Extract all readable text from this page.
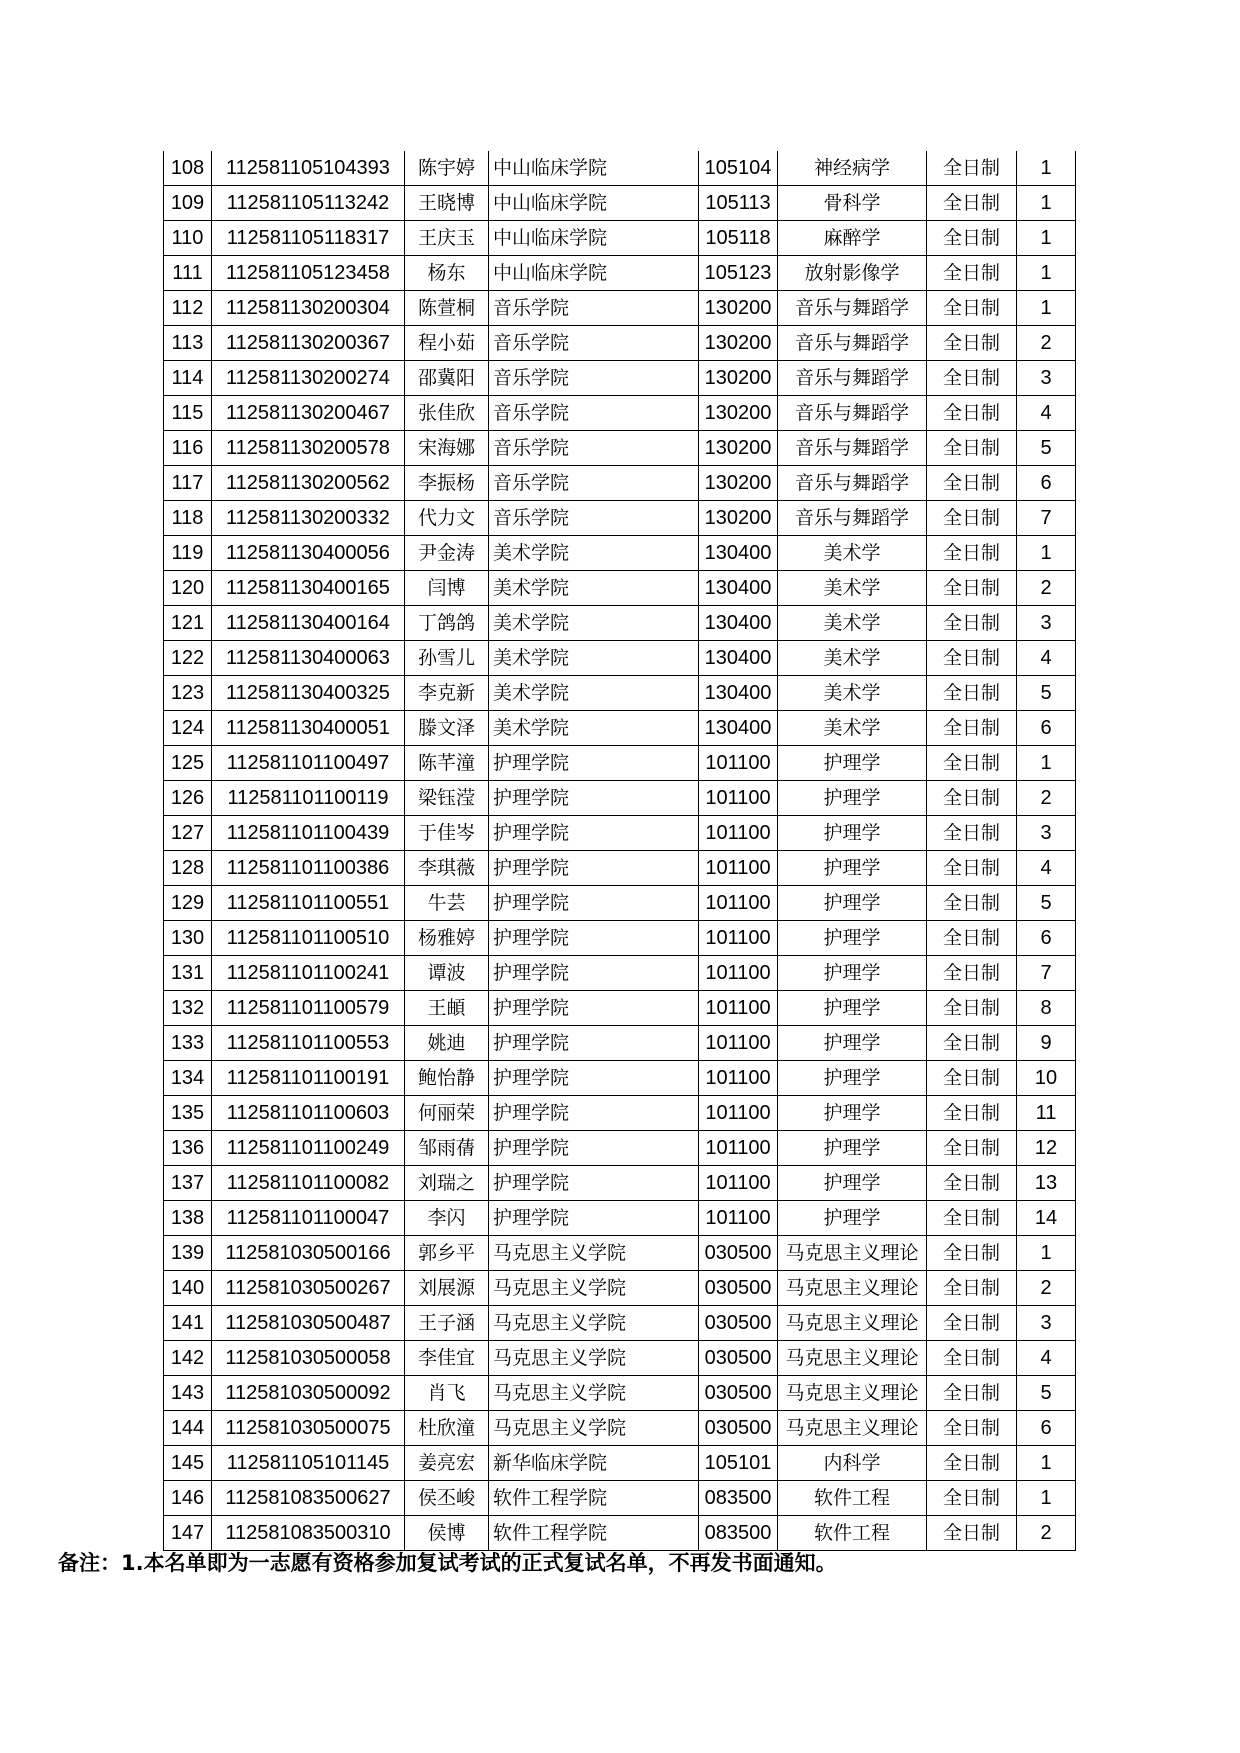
108	112581105104393	陈宇婷	中山临床学院	105104	神经病学	全日制	1
109	112581105113242	王晓博	中山临床学院	105113	骨科学	全日制	1
110	112581105118317	王庆玉	中山临床学院	105118	麻醉学	全日制	1
111	112581105123458	杨东	中山临床学院	105123	放射影像学	全日制	1
112	112581130200304	陈萱桐	音乐学院	130200	音乐与舞蹈学	全日制	1
113	112581130200367	程小茹	音乐学院	130200	音乐与舞蹈学	全日制	2
114	112581130200274	邵冀阳	音乐学院	130200	音乐与舞蹈学	全日制	3
115	112581130200467	张佳欣	音乐学院	130200	音乐与舞蹈学	全日制	4
116	112581130200578	宋海娜	音乐学院	130200	音乐与舞蹈学	全日制	5
117	112581130200562	李振杨	音乐学院	130200	音乐与舞蹈学	全日制	6
118	112581130200332	代力文	音乐学院	130200	音乐与舞蹈学	全日制	7
119	112581130400056	尹金涛	美术学院	130400	美术学	全日制	1
120	112581130400165	闫博	美术学院	130400	美术学	全日制	2
121	112581130400164	丁鸽鸽	美术学院	130400	美术学	全日制	3
122	112581130400063	孙雪儿	美术学院	130400	美术学	全日制	4
123	112581130400325	李克新	美术学院	130400	美术学	全日制	5
124	112581130400051	滕文泽	美术学院	130400	美术学	全日制	6
125	112581101100497	陈芊潼	护理学院	101100	护理学	全日制	1
126	112581101100119	梁钰滢	护理学院	101100	护理学	全日制	2
127	112581101100439	于佳岑	护理学院	101100	护理学	全日制	3
128	112581101100386	李琪薇	护理学院	101100	护理学	全日制	4
129	112581101100551	牛芸	护理学院	101100	护理学	全日制	5
130	112581101100510	杨雅婷	护理学院	101100	护理学	全日制	6
131	112581101100241	谭波	护理学院	101100	护理学	全日制	7
132	112581101100579	王頔	护理学院	101100	护理学	全日制	8
133	112581101100553	姚迪	护理学院	101100	护理学	全日制	9
134	112581101100191	鲍怡静	护理学院	101100	护理学	全日制	10
135	112581101100603	何丽荣	护理学院	101100	护理学	全日制	11
136	112581101100249	邹雨蒨	护理学院	101100	护理学	全日制	12
137	112581101100082	刘瑞之	护理学院	101100	护理学	全日制	13
138	112581101100047	李闪	护理学院	101100	护理学	全日制	14
139	112581030500166	郭乡平	马克思主义学院	030500	马克思主义理论	全日制	1
140	112581030500267	刘展源	马克思主义学院	030500	马克思主义理论	全日制	2
141	112581030500487	王子涵	马克思主义学院	030500	马克思主义理论	全日制	3
142	112581030500058	李佳宜	马克思主义学院	030500	马克思主义理论	全日制	4
143	112581030500092	肖飞	马克思主义学院	030500	马克思主义理论	全日制	5
144	112581030500075	杜欣潼	马克思主义学院	030500	马克思主义理论	全日制	6
145	112581105101145	姜亮宏	新华临床学院	105101	内科学	全日制	1
146	112581083500627	侯丕峻	软件工程学院	083500	软件工程	全日制	1
147	112581083500310	侯博	软件工程学院	083500	软件工程	全日制	2
备注：1.本名单即为一志愿有资格参加复试考试的正式复试名单，不再发书面通知。
